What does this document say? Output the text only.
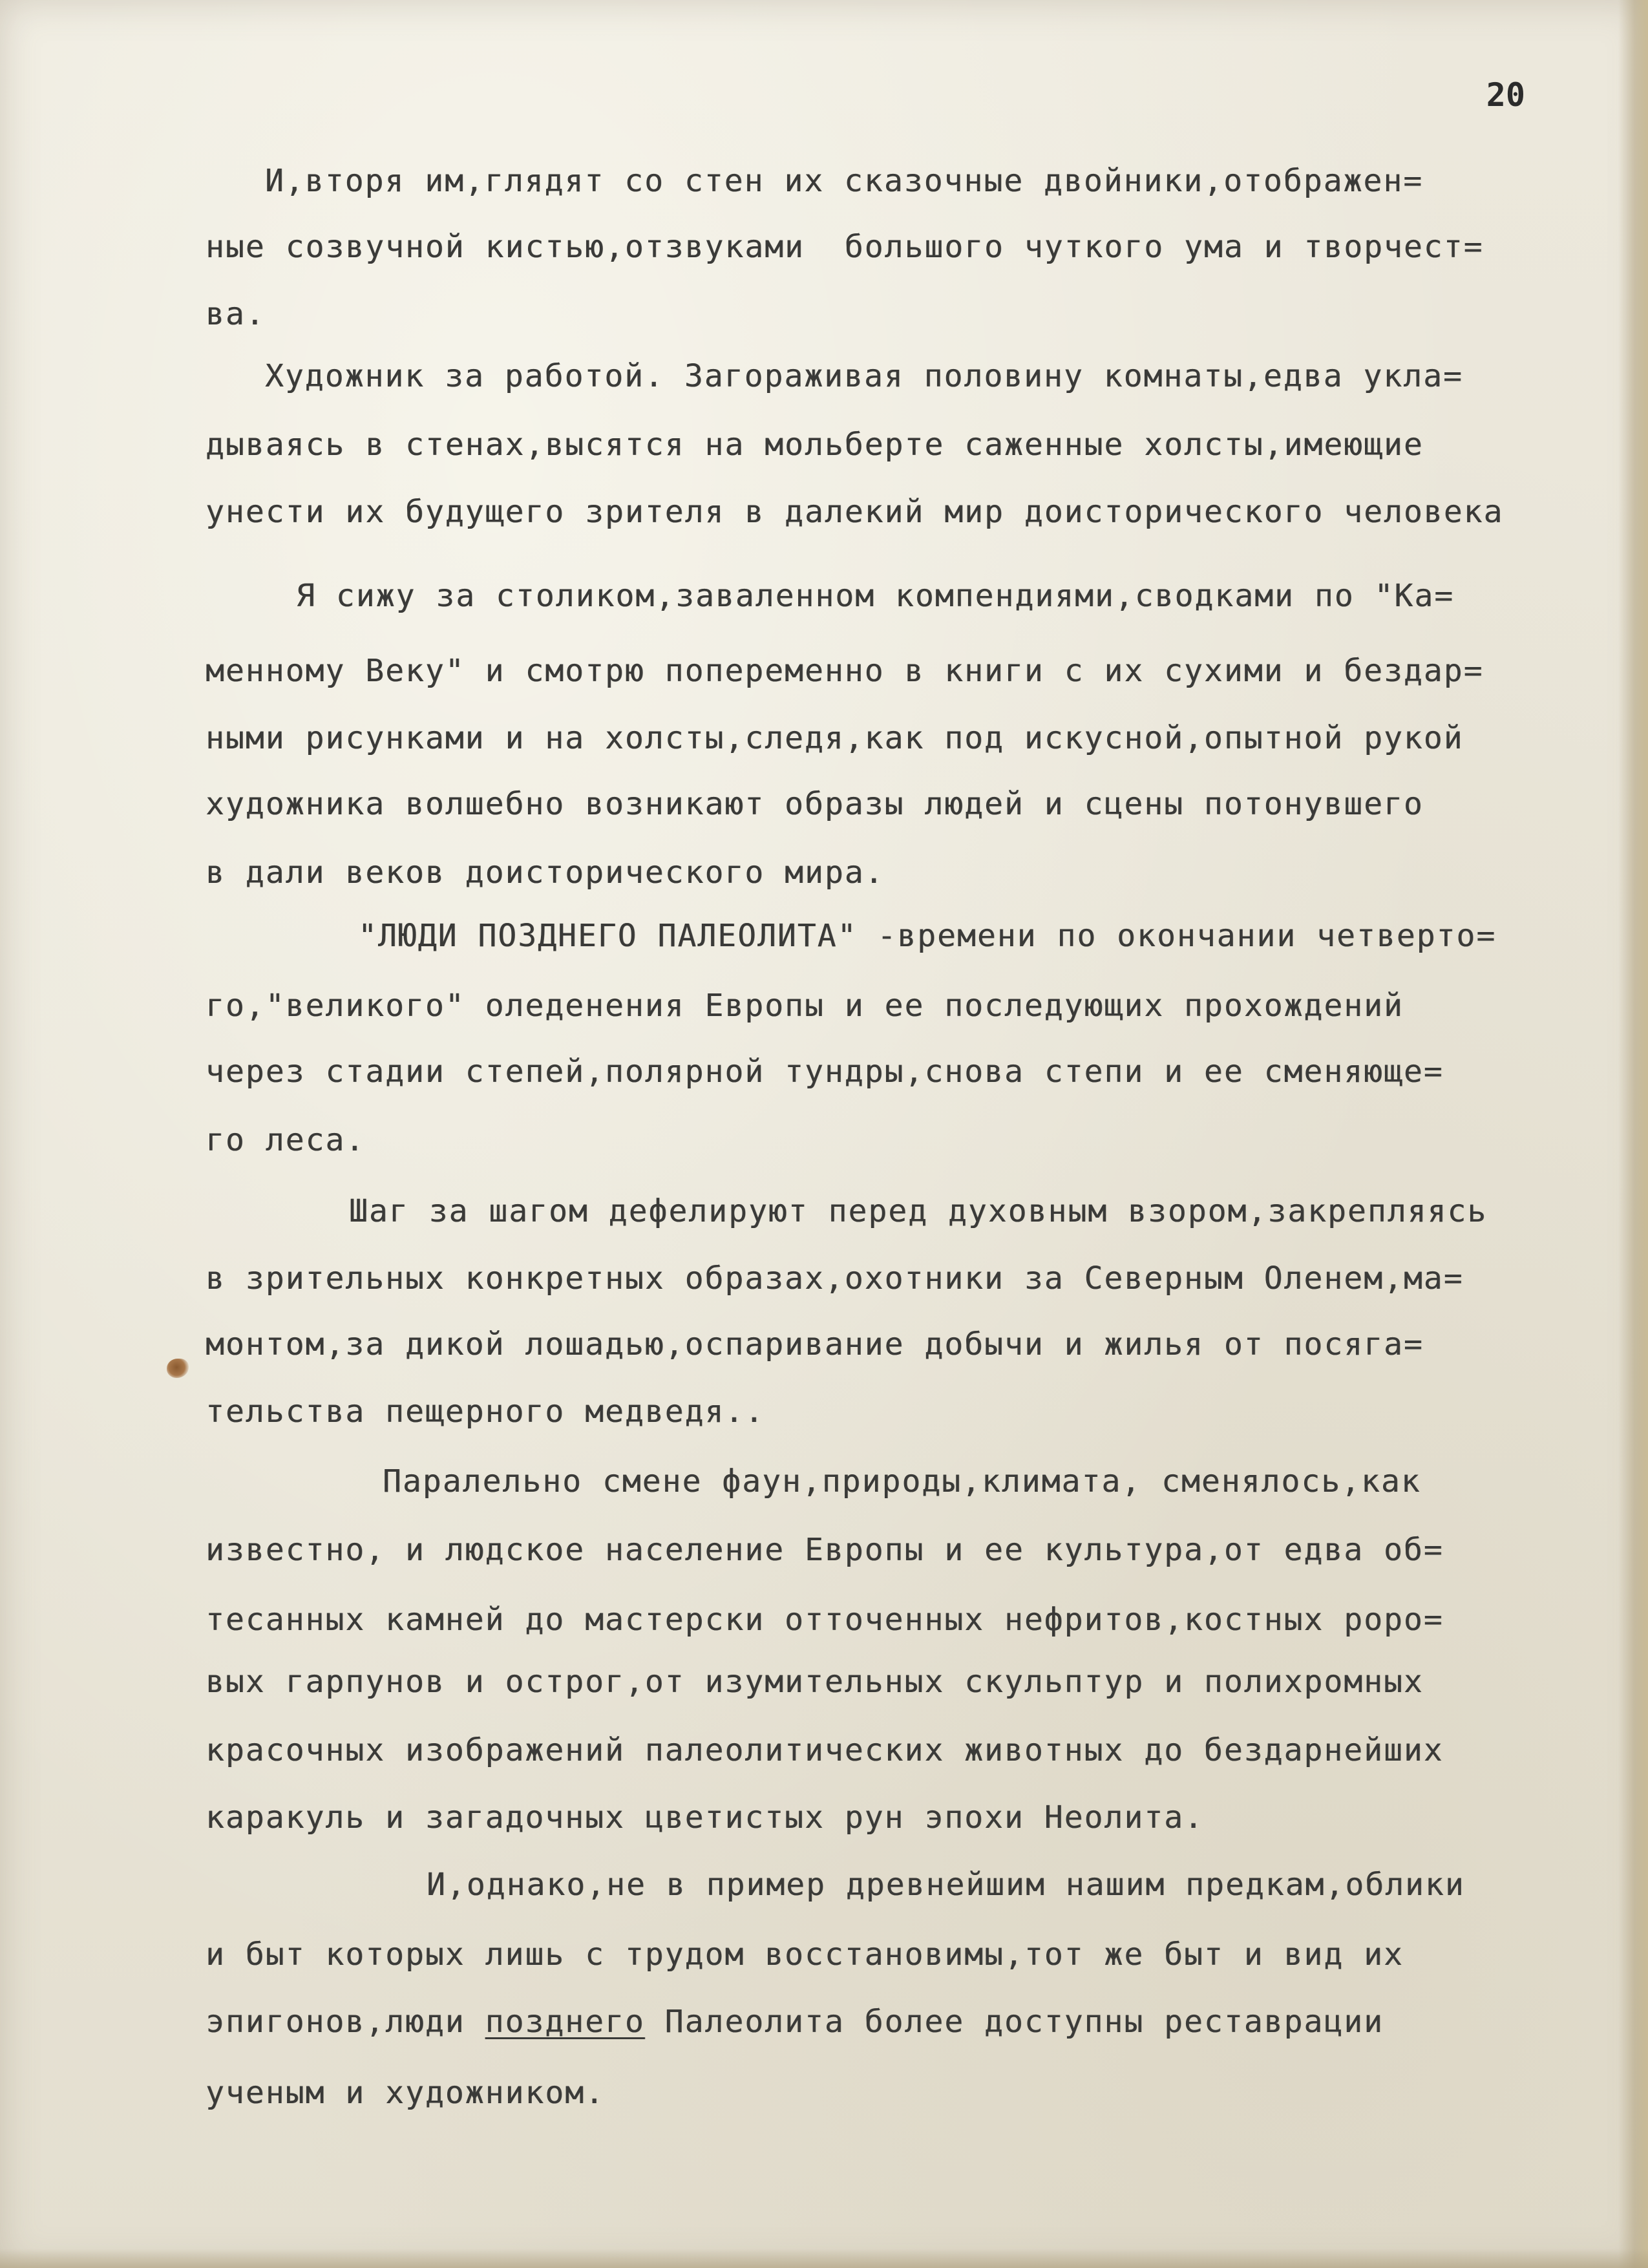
20
И,вторя им,глядят со стен их сказочные двойники,отображен=
ные созвучной кистью,отзвуками  большого чуткого ума и творчест=
ва.
Художник за работой. Загораживая половину комнаты,едва укла=
дываясь в стенах,высятся на мольберте саженные холсты,имеющие
унести их будущего зрителя в далекий мир доисторического человека
Я сижу за столиком,заваленном компендиями,сводками по "Ка=
менному Веку" и смотрю попеременно в книги с их сухими и бездар=
ными рисунками и на холсты,следя,как под искусной,опытной рукой
художника волшебно возникают образы людей и сцены потонувшего
в дали веков доисторического мира.
"ЛЮДИ ПОЗДНЕГО ПАЛЕОЛИТА" -времени по окончании четверто=
го,"великого" оледенения Европы и ее последующих прохождений
через стадии степей,полярной тундры,снова степи и ее сменяюще=
го леса.
Шаг за шагом дефелируют перед духовным взором,закрепляясь
в зрительных конкретных образах,охотники за Северным Оленем,ма=
монтом,за дикой лошадью,оспаривание добычи и жилья от посяга=
тельства пещерного медведя..
Паралельно смене фаун,природы,климата, сменялось,как
известно, и людское население Европы и ее культура,от едва об=
тесанных камней до мастерски отточенных нефритов,костных роро=
вых гарпунов и острог,от изумительных скульптур и полихромных
красочных изображений палеолитических животных до бездарнейших
каракуль и загадочных цветистых рун эпохи Неолита.
И,однако,не в пример древнейшим нашим предкам,облики
и быт которых лишь с трудом восстановимы,тот же быт и вид их
эпигонов,люди позднего Палеолита более доступны реставрации
ученым и художником.
